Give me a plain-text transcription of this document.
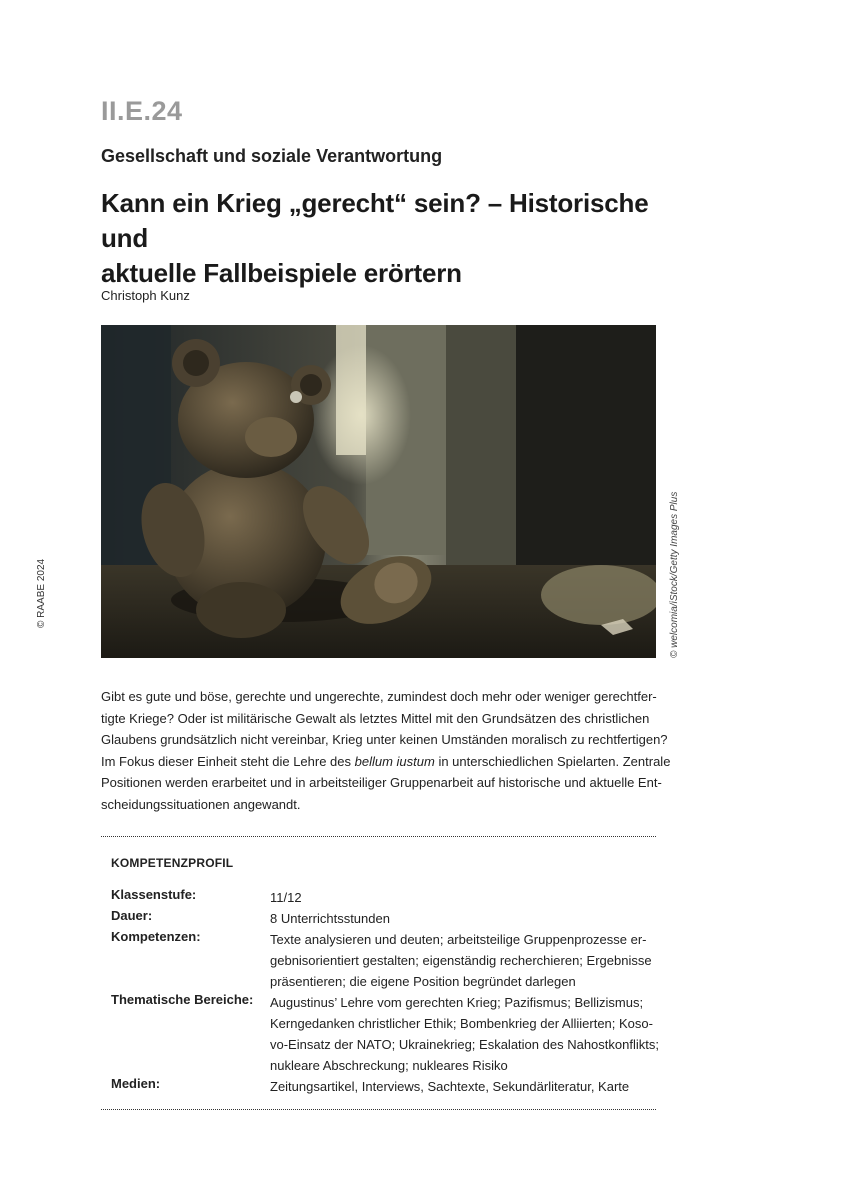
II.E.24
Gesellschaft und soziale Verantwortung
Kann ein Krieg „gerecht“ sein? – Historische und
aktuelle Fallbeispiele erörtern
Christoph Kunz
© welcomia/iStock/Getty Images Plus
© RAABE 2024
Gibt es gute und böse, gerechte und ungerechte, zumindest doch mehr oder weniger gerechtfer-
tigte Kriege? Oder ist militärische Gewalt als letztes Mittel mit den Grundsätzen des christlichen
Glaubens grundsätzlich nicht vereinbar, Krieg unter keinen Umständen moralisch zu rechtfertigen?
Im Fokus dieser Einheit steht die Lehre des bellum iustum in unterschiedlichen Spielarten. Zentrale
Positionen werden erarbeitet und in arbeitsteiliger Gruppenarbeit auf historische und aktuelle Ent-
scheidungssituationen angewandt.
KOMPETENZPROFIL
Klassenstufe:	11/12
Dauer:	8 Unterrichtsstunden
Kompetenzen:	Texte analysieren und deuten; arbeitsteilige Gruppenprozesse er-
gebnisorientiert gestalten; eigenständig recherchieren; Ergebnisse
präsentieren; die eigene Position begründet darlegen
Thematische Bereiche:	Augustinus’ Lehre vom gerechten Krieg; Pazifismus; Bellizismus;
Kerngedanken christlicher Ethik; Bombenkrieg der Alliierten; Koso-
vo-Einsatz der NATO; Ukrainekrieg; Eskalation des Nahostkonflikts;
nukleare Abschreckung; nukleares Risiko
Medien:	Zeitungsartikel, Interviews, Sachtexte, Sekundärliteratur, Karte
